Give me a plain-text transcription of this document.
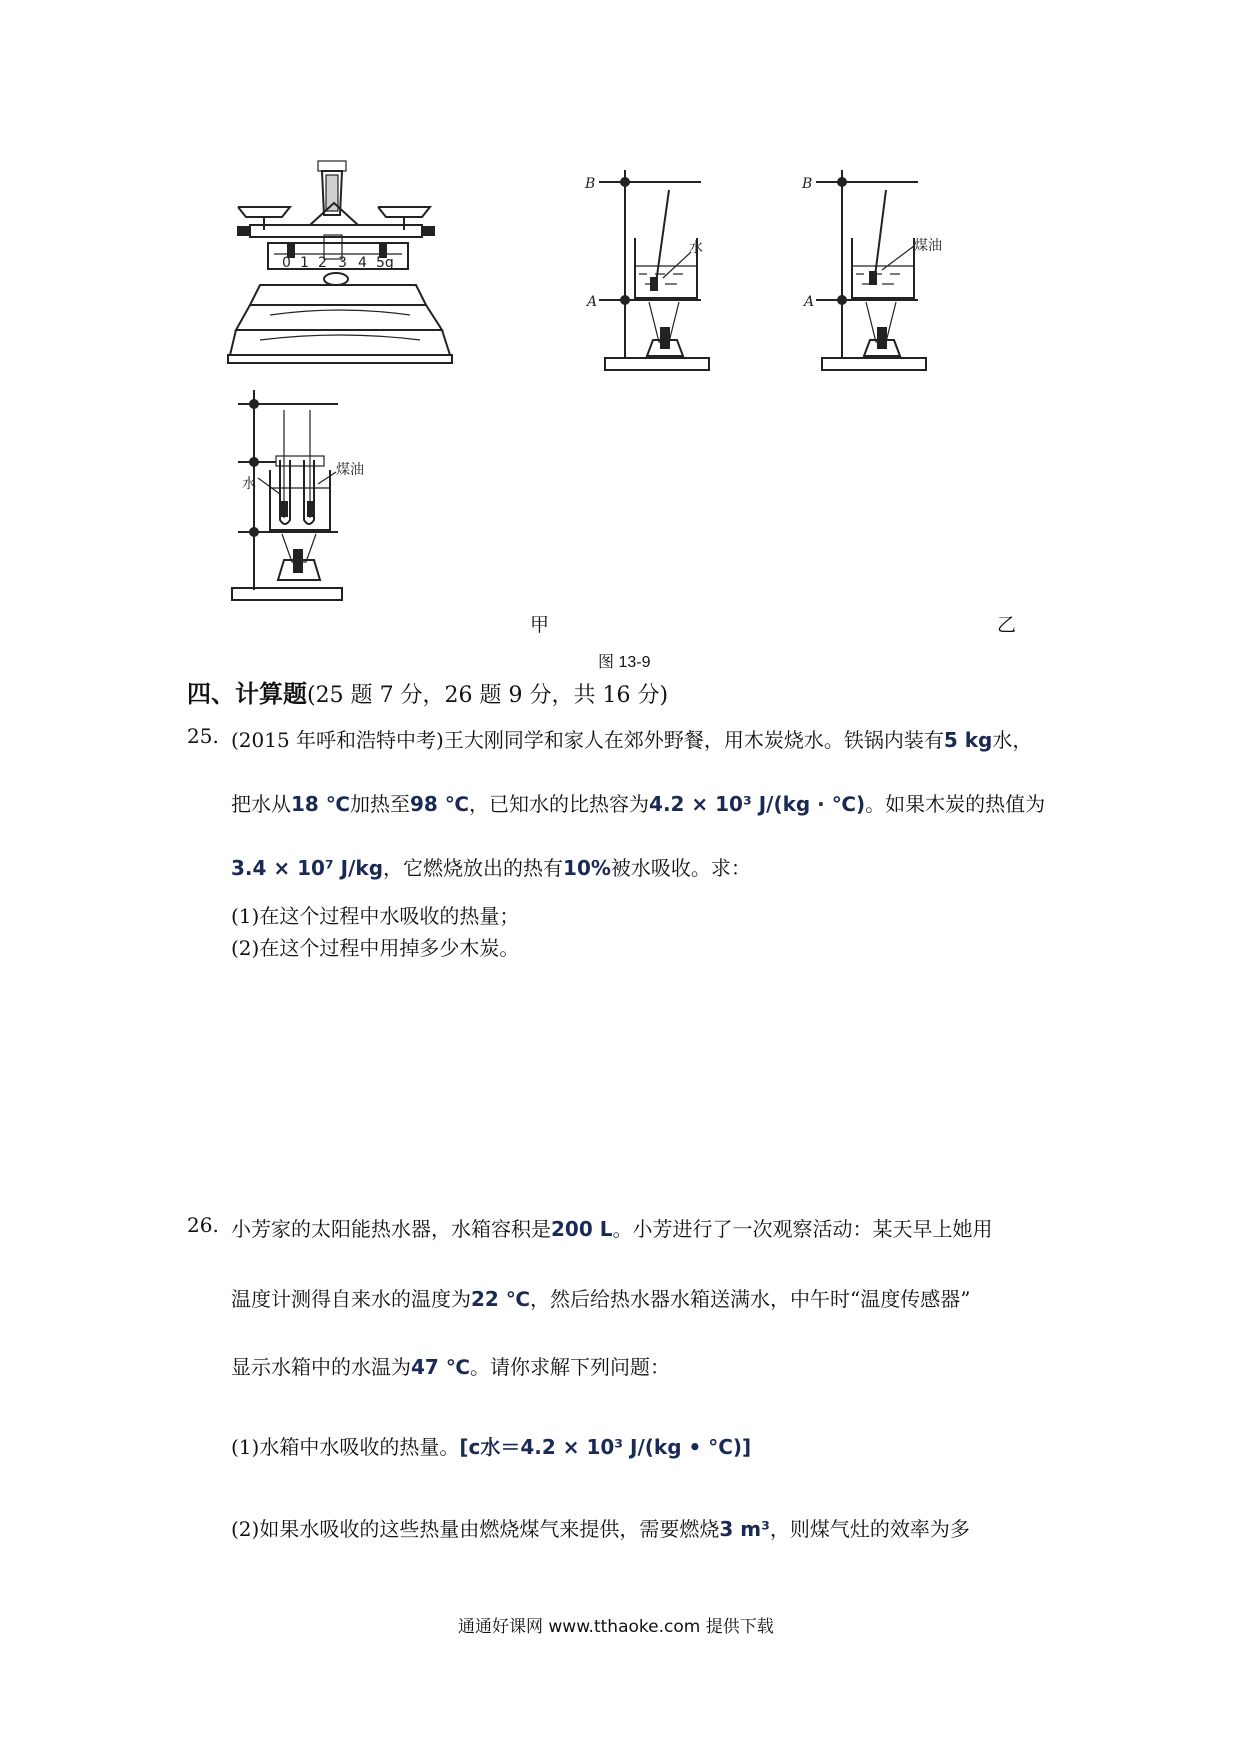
0 1 2 3 4 5g
B
A
水
B
A
煤油
水
煤油
甲	乙
图 13-9
四、计算题(25 题 7 分，26 题 9 分，共 16 分)
25. (2015 年呼和浩特中考)王大刚同学和家人在郊外野餐，用木炭烧水。铁锅内装有5 kg水，
把水从18 ℃加热至98 ℃，已知水的比热容为4.2 × 10³ J/(kg · ℃)。如果木炭的热值为
3.4 × 10⁷ J/kg，它燃烧放出的热有10%被水吸收。求：
(1)在这个过程中水吸收的热量；
(2)在这个过程中用掉多少木炭。
26. 小芳家的太阳能热水器，水箱容积是200 L。小芳进行了一次观察活动：某天早上她用
温度计测得自来水的温度为22 ℃，然后给热水器水箱送满水，中午时“温度传感器”
显示水箱中的水温为47 ℃。请你求解下列问题：
(1)水箱中水吸收的热量。[c水＝4.2 × 10³ J/(kg • °C)]
(2)如果水吸收的这些热量由燃烧煤气来提供，需要燃烧3 m³，则煤气灶的效率为多
通通好课网 www.tthaoke.com 提供下载
